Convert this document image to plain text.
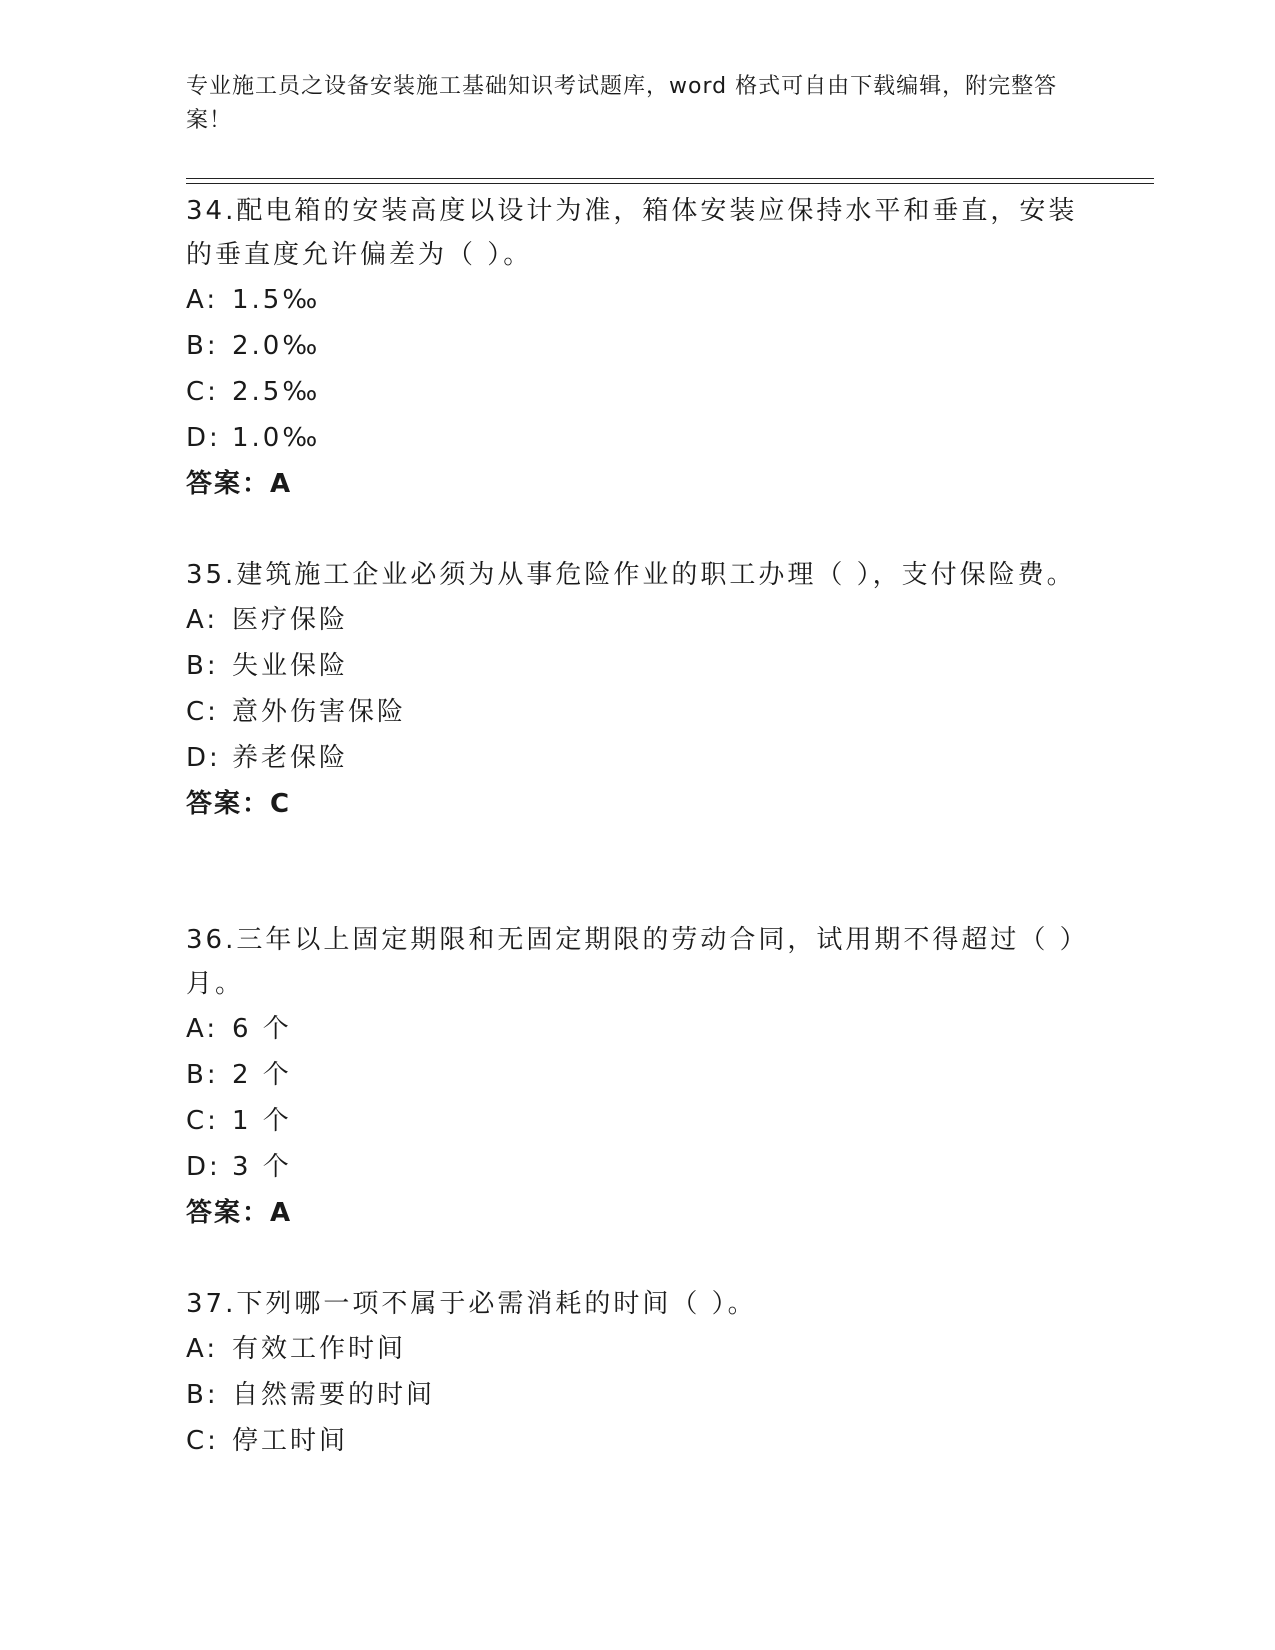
专业施工员之设备安装施工基础知识考试题库，word 格式可自由下载编辑，附完整答案！

34.配电箱的安装高度以设计为准，箱体安装应保持水平和垂直，安装的垂直度允许偏差为（ ）。

A: 1.5‰

B: 2.0‰

C: 2.5‰

D: 1.0‰

答案：A

35.建筑施工企业必须为从事危险作业的职工办理（ ），支付保险费。

A: 医疗保险

B: 失业保险

C: 意外伤害保险

D: 养老保险

答案：C

36.三年以上固定期限和无固定期限的劳动合同，试用期不得超过（ ）月。

A: 6 个

B: 2 个

C: 1 个

D: 3 个

答案：A

37.下列哪一项不属于必需消耗的时间（ ）。

A: 有效工作时间

B: 自然需要的时间

C: 停工时间
